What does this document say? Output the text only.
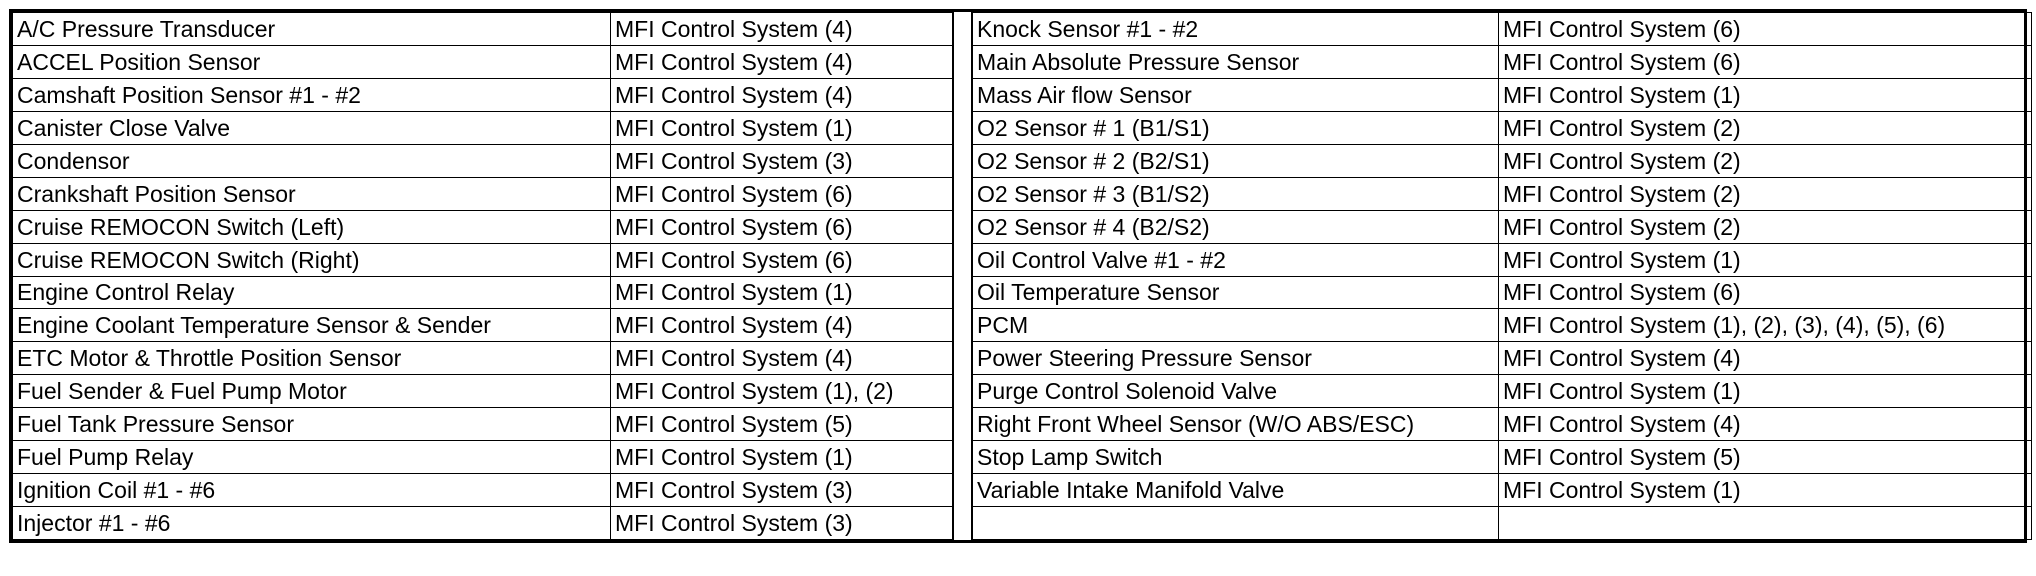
A/C Pressure Transducer	MFI Control System (4)
ACCEL Position Sensor	MFI Control System (4)
Camshaft Position Sensor #1 - #2	MFI Control System (4)
Canister Close Valve	MFI Control System (1)
Condensor	MFI Control System (3)
Crankshaft Position Sensor	MFI Control System (6)
Cruise REMOCON Switch (Left)	MFI Control System (6)
Cruise REMOCON Switch (Right)	MFI Control System (6)
Engine Control Relay	MFI Control System (1)
Engine Coolant Temperature Sensor & Sender	MFI Control System (4)
ETC Motor & Throttle Position Sensor	MFI Control System (4)
Fuel Sender & Fuel Pump Motor	MFI Control System (1), (2)
Fuel Tank Pressure Sensor	MFI Control System (5)
Fuel Pump Relay	MFI Control System (1)
Ignition Coil #1 - #6	MFI Control System (3)
Injector #1 - #6	MFI Control System (3)
Knock Sensor #1 - #2	MFI Control System (6)
Main Absolute Pressure Sensor	MFI Control System (6)
Mass Air flow Sensor	MFI Control System (1)
O2 Sensor # 1 (B1/S1)	MFI Control System (2)
O2 Sensor # 2 (B2/S1)	MFI Control System (2)
O2 Sensor # 3 (B1/S2)	MFI Control System (2)
O2 Sensor # 4 (B2/S2)	MFI Control System (2)
Oil Control Valve #1 - #2	MFI Control System (1)
Oil Temperature Sensor	MFI Control System (6)
PCM	MFI Control System (1), (2), (3), (4), (5), (6)
Power Steering Pressure Sensor	MFI Control System (4)
Purge Control Solenoid Valve	MFI Control System (1)
Right Front Wheel Sensor (W/O ABS/ESC)	MFI Control System (4)
Stop Lamp Switch	MFI Control System (5)
Variable Intake Manifold Valve	MFI Control System (1)
